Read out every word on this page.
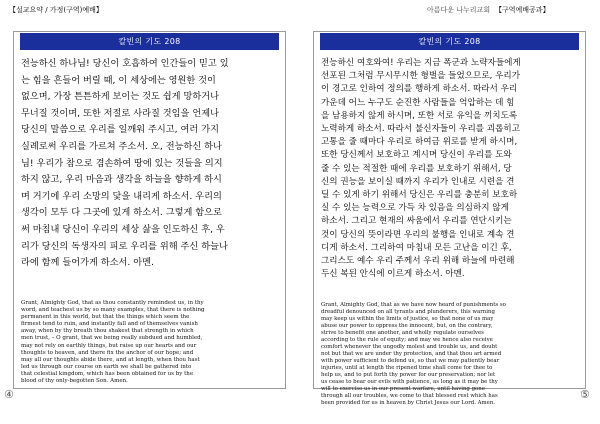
【설교요약 / 가정(구역)예배】	아름다운 나누리교회 【구역예배공과】
칼빈의 기도 208
전능하신 하나님! 당신이 호흡하여 인간들이 믿고 있
는 힘을 흔들어 버릴 때, 이 세상에는 영원한 것이
없으며, 가장 튼튼하게 보이는 것도 쉽게 망하거나
무너질 것이며, 또한 저절로 사라질 것임을 언제나
당신의 말씀으로 우리를 일깨워 주시고, 여러 가지
실례로써 우리를 가르쳐 주소서. 오, 전능하신 하나
님! 우리가 참으로 겸손하여 땅에 있는 것들을 의지
하지 않고, 우리 마음과 생각을 하늘을 향하게 하시
며 거기에 우리 소망의 닻을 내리게 하소서. 우리의
생각이 모두 다 그곳에 있게 하소서. 그렇게 함으로
써 마침내 당신이 우리의 세상 삶을 인도하신 후, 우
리가 당신의 독생자의 피로 우리를 위해 주신 하늘나
라에 함께 들어가게 하소서. 아멘.
Grant, Almighty God, that as thou constantly remindest us, in thy
word, and teachest us by so many examples, that there is nothing
permanent in this world, but that the things which seem the
firmest tend to ruin, and instantly fall and of themselves vanish
away, when by thy breath thou shakest that strength in which
men trust, – O grant, that we being really subdued and humbled,
may not rely on earthly things, but raise up our hearts and our
thoughts to heaven, and there fix the anchor of our hope; and
may all our thoughts abide there, and at length, when thou hast
led us through our course on earth we shall be gathered into
that celestial kingdom, which has been obtained for us by the
blood of thy only-begotten Son. Amen.
칼빈의 기도 208
전능하신 여호와여! 우리는 지금 폭군과 노략자들에게
선포된 그처럼 무시무시한 형벌을 들었으므로, 우리가
이 경고로 인하여 정의를 행하게 하소서. 따라서 우리
가운데 어느 누구도 순진한 사람들을 억압하는 데 힘
을 남용하지 않게 하시며, 또한 서로 유익을 끼치도록
노력하게 하소서. 따라서 불신자들이 우리를 괴롭히고
고통을 줄 때마다 우리로 하여금 위로를 받게 하시며,
또한 당신께서 보호하고 계시며 당신이 우리를 도와
줄 수 있는 적절한 때에 우리를 보호하기 위해서, 당
신의 권능을 보이실 때까지 우리가 인내로 시련을 견
딜 수 있게 하기 위해서 당신은 우리를 충분히 보호하
실 수 있는 능력으로 가득 차 있음을 의심하지 않게
하소서. 그리고 현재의 싸움에서 우리를 연단시키는
것이 당신의 뜻이라면 우리의 불행을 인내로 계속 견
디게 하소서. 그리하여 마침내 모든 고난을 이긴 후,
그리스도 예수 우리 주께서 우리 위해 하늘에 마련해
두신 복된 안식에 이르게 하소서. 아멘.
Grant, Almighty God, that as we have now heard of punishments so
dreadful denounced on all tyrants and plunderers, this warning
may keep us within the limits of justice, so that none of us may
abuse our power to oppress the innocent, but, on the contrary,
strive to benefit one another, and wholly regulate ourselves
according to the rule of equity; and may we hence also receive
comfort whenever the ungodly molest and trouble us, and doubt
not but that we are under thy protection, and that thou art armed
with power sufficient to defend us, so that we may patiently bear
injuries, until at length the ripened time shall come for thee to
help us, and to put forth thy power for our preservation; nor let
us cease to bear our evils with patience, as long as it may be thy
will to exercise us in our present warfare, until having gone
through all our troubles, we come to that blessed rest which has
been provided for us in heaven by Christ Jesus our Lord. Amen.
④	⑤
